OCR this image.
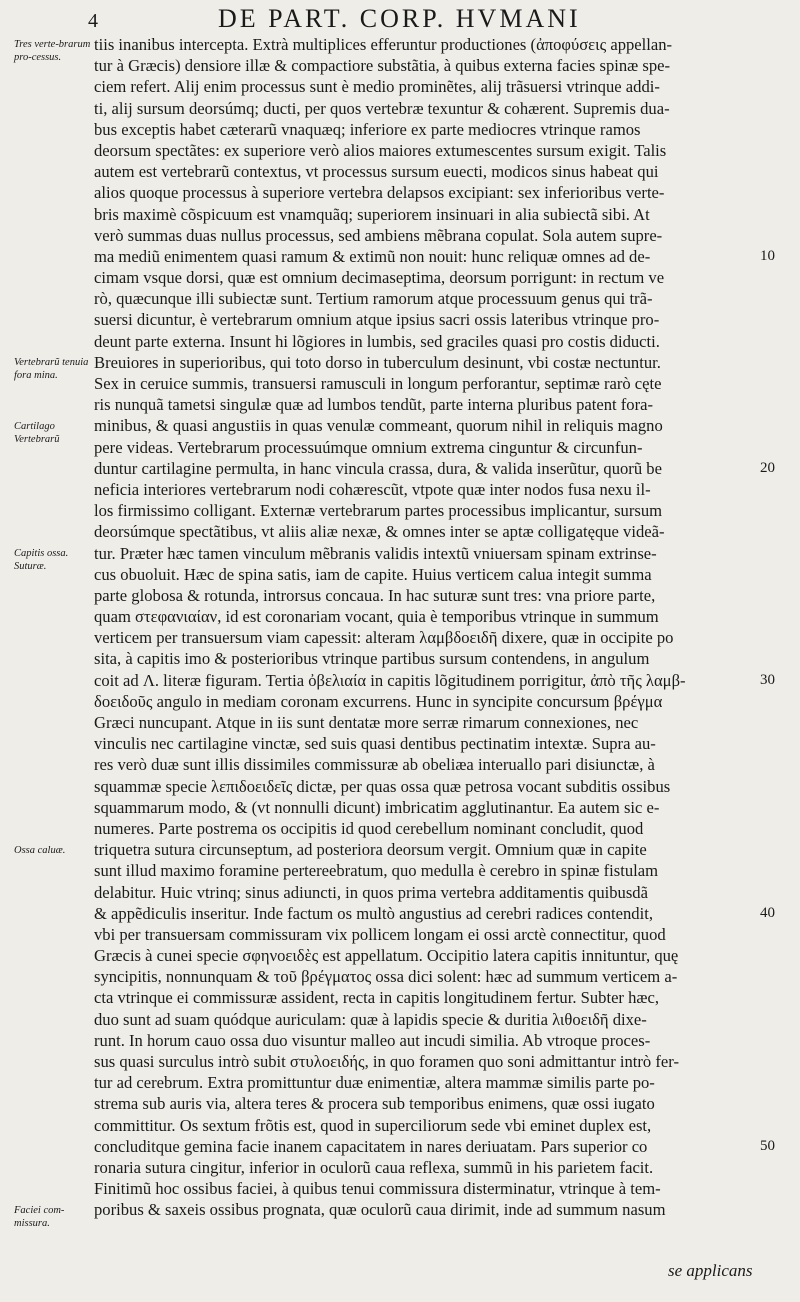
4	DE PART. CORP. HVMANI
tiis inanibus intercepta. Extrà multiplices efferuntur productiones (ἀποφύσεις appellan-
tur à Græcis) densiore illæ & compactiore substãtia, à quibus externa facies spinæ spe-
ciem refert. Alij enim processus sunt è medio prominẽtes, alij trãsuersi vtrinque addi-
ti, alij sursum deorsúmq; ducti, per quos vertebræ texuntur & cohærent. Supremis dua-
bus exceptis habet cæterarũ vnaquæq; inferiore ex parte mediocres vtrinque ramos
deorsum spectãtes: ex superiore verò alios maiores extumescentes sursum exigit. Talis
autem est vertebrarũ contextus, vt processus sursum euecti, modicos sinus habeat qui
alios quoque processus à superiore vertebra delapsos excipiant: sex inferioribus verte-
bris maximè cõspicuum est vnamquãq; superiorem insinuari in alia subiectã sibi. At
verò summas duas nullus processus, sed ambiens mẽbrana copulat. Sola autem supre-
ma mediũ enimentem quasi ramum & extimũ non nouit: hunc reliquæ omnes ad de-
cimam vsque dorsi, quæ est omnium decimaseptima, deorsum porrigunt: in rectum ve
rò, quæcunque illi subiectæ sunt. Tertium ramorum atque processuum genus qui trã-
suersi dicuntur, è vertebrarum omnium atque ipsius sacri ossis lateribus vtrinque pro-
deunt parte externa. Insunt hi lõgiores in lumbis, sed graciles quasi pro costis diducti.
Breuiores in superioribus, qui toto dorso in tuberculum desinunt, vbi costæ nectuntur.
Sex in ceruice summis, transuersi ramusculi in longum perforantur, septimæ rarò cęte
ris nunquã tametsi singulæ quæ ad lumbos tendũt, parte interna pluribus patent fora-
minibus, & quasi angustiis in quas venulæ commeant, quorum nihil in reliquis magno
pere videas. Vertebrarum processuúmque omnium extrema cinguntur & circunfun-
duntur cartilagine permulta, in hanc vincula crassa, dura, & valida inserũtur, quorũ be
neficia interiores vertebrarum nodi cohærescũt, vtpote quæ inter nodos fusa nexu il-
los firmissimo colligant. Externæ vertebrarum partes processibus implicantur, sursum
deorsúmque spectãtibus, vt aliis aliæ nexæ, & omnes inter se aptæ colligatęque videã-
tur. Præter hæc tamen vinculum mẽbranis validis intextũ vniuersam spinam extrinse-
cus obuoluit. Hæc de spina satis, iam de capite. Huius verticem calua integit summa
parte globosa & rotunda, introrsus concaua. In hac suturæ sunt tres: vna priore parte,
quam στεφανιαίαν, id est coronariam vocant, quia è temporibus vtrinque in summum
verticem per transuersum viam capessit: alteram λαμβδοειδῆ dixere, quæ in occipite po
sita, à capitis imo & posterioribus vtrinque partibus sursum contendens, in angulum
coit ad Λ. literæ figuram. Tertia ὀβελιαία in capitis lõgitudinem porrigitur, ἀπὸ τῆς λαμβ-
δοειδοῦς angulo in mediam coronam excurrens. Hunc in syncipite concursum βρέγμα
Græci nuncupant. Atque in iis sunt dentatæ more serræ rimarum connexiones, nec
vinculis nec cartilagine vinctæ, sed suis quasi dentibus pectinatim intextæ. Supra au-
res verò duæ sunt illis dissimiles commissuræ ab obeliæa interuallo pari disiunctæ, à
squammæ specie λεπιδοειδεῖς dictæ, per quas ossa quæ petrosa vocant subditis ossibus
squammarum modo, & (vt nonnulli dicunt) imbricatim agglutinantur. Ea autem sic e-
numeres. Parte postrema os occipitis id quod cerebellum nominant concludit, quod
triquetra sutura circunseptum, ad posteriora deorsum vergit. Omnium quæ in capite
sunt illud maximo foramine pertereebratum, quo medulla è cerebro in spinæ fistulam
delabitur. Huic vtrinq; sinus adiuncti, in quos prima vertebra additamentis quibusdã
& appẽdiculis inseritur. Inde factum os multò angustius ad cerebri radices contendit,
vbi per transuersam commissuram vix pollicem longam ei ossi arctè connectitur, quod
Græcis à cunei specie σφηνοειδὲς est appellatum. Occipitio latera capitis innituntur, quę
syncipitis, nonnunquam & τοῦ βρέγματος ossa dici solent: hæc ad summum verticem a-
cta vtrinque ei commissuræ assident, recta in capitis longitudinem fertur. Subter hæc,
duo sunt ad suam quódque auriculam: quæ à lapidis specie & duritia λιθοειδῆ dixe-
runt. In horum cauo ossa duo visuntur malleo aut incudi similia. Ab vtroque proces-
sus quasi surculus intrò subit στυλοειδής, in quo foramen quo soni admittantur intrò fer-
tur ad cerebrum. Extra promittuntur duæ enimentiæ, altera mammæ similis parte po-
strema sub auris via, altera teres & procera sub temporibus enimens, quæ ossi iugato
committitur. Os sextum frõtis est, quod in superciliorum sede vbi eminet duplex est,
concluditque gemina facie inanem capacitatem in nares deriuatam. Pars superior co
ronaria sutura cingitur, inferior in oculorũ caua reflexa, summũ in his parietem facit.
Finitimũ hoc ossibus faciei, à quibus tenui commissura disterminatur, vtrinque à tem-
poribus & saxeis ossibus prognata, quæ oculorũ caua dirimit, inde ad summum nasum
Tres verte-brarum pro-cessus.
Vertebrarũ tenuia fora mina.
Cartilago Vertebrarũ
Capitis ossa. Suturæ.
Ossa caluæ.
Faciei com-missura.
10
20
30
40
50
se applicans
